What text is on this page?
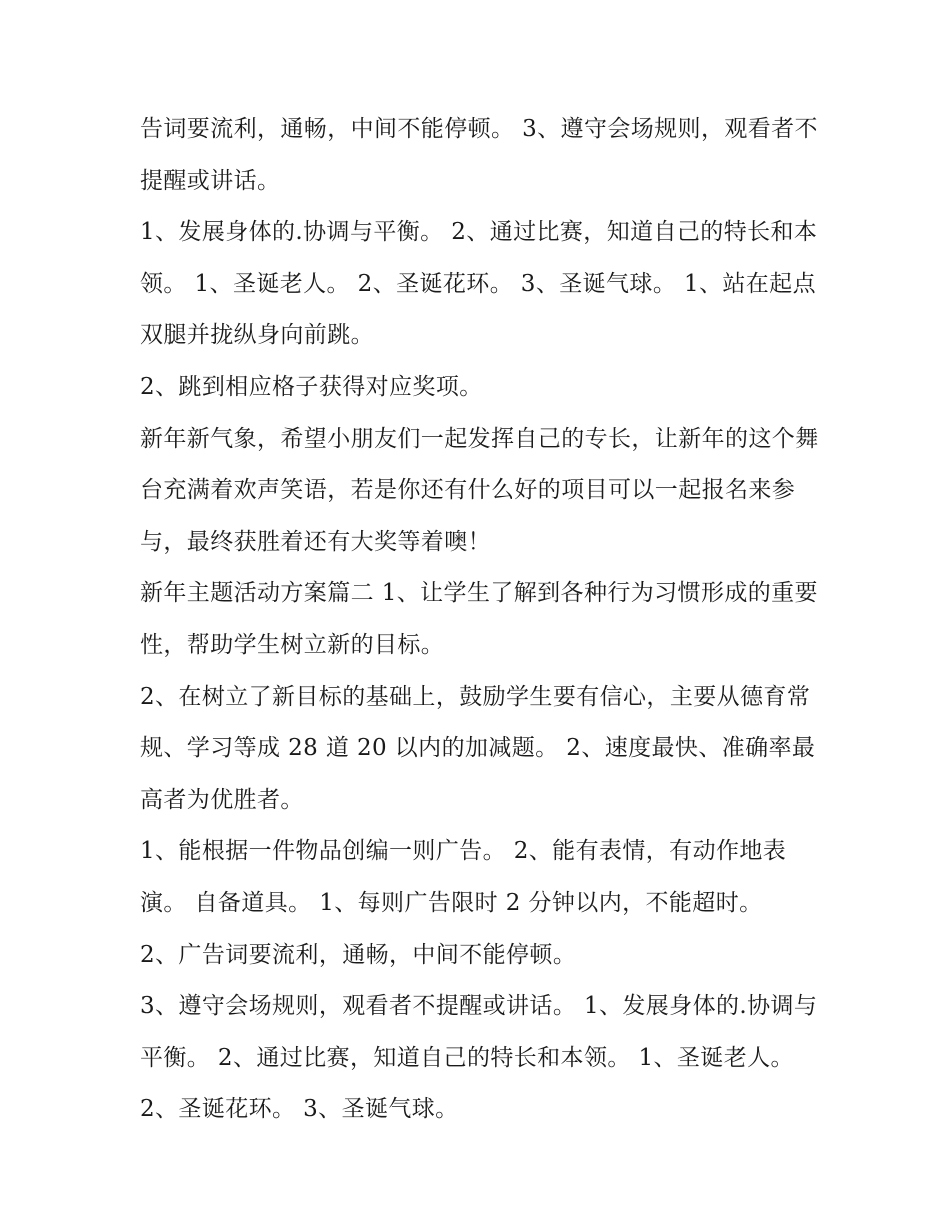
告词要流利，通畅，中间不能停顿。 3、遵守会场规则，观看者不提醒或讲话。

1、发展身体的.协调与平衡。 2、通过比赛，知道自己的特长和本领。 1、圣诞老人。 2、圣诞花环。 3、圣诞气球。 1、站在起点双腿并拢纵身向前跳。

2、跳到相应格子获得对应奖项。

新年新气象，希望小朋友们一起发挥自己的专长，让新年的这个舞台充满着欢声笑语，若是你还有什么好的项目可以一起报名来参与，最终获胜着还有大奖等着噢！

新年主题活动方案篇二 1、让学生了解到各种行为习惯形成的重要性，帮助学生树立新的目标。

2、在树立了新目标的基础上，鼓励学生要有信心，主要从德育常规、学习等成 28 道 20 以内的加减题。 2、速度最快、准确率最高者为优胜者。

1、能根据一件物品创编一则广告。 2、能有表情，有动作地表演。 自备道具。 1、每则广告限时 2 分钟以内，不能超时。

2、广告词要流利，通畅，中间不能停顿。

3、遵守会场规则，观看者不提醒或讲话。 1、发展身体的.协调与平衡。 2、通过比赛，知道自己的特长和本领。 1、圣诞老人。 2、圣诞花环。 3、圣诞气球。
